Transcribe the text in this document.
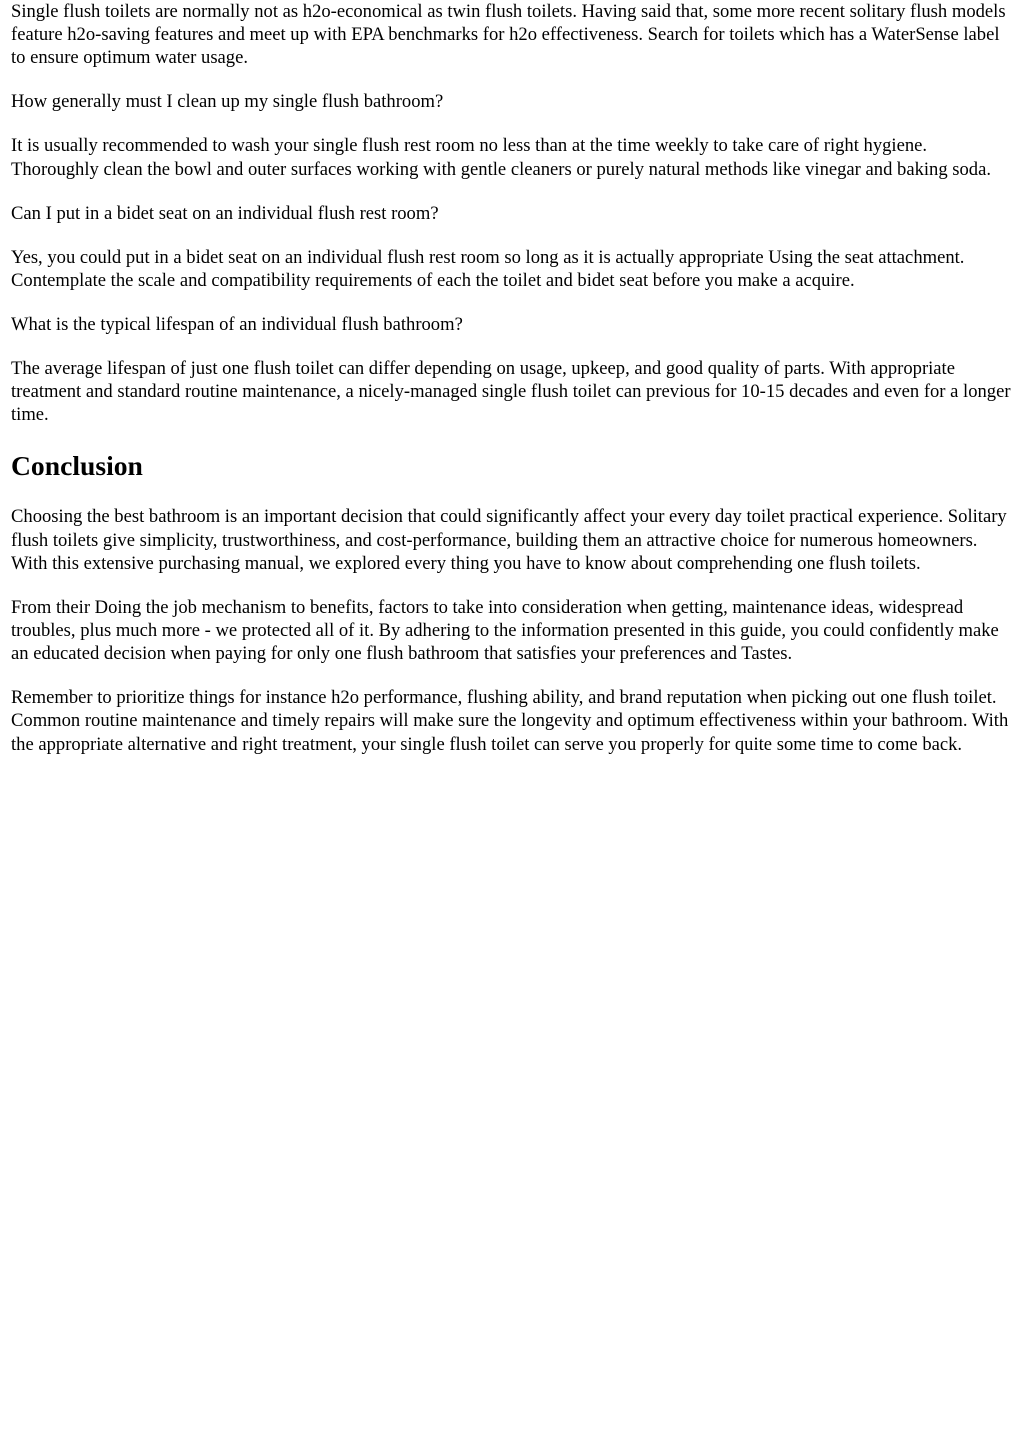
Single flush toilets are normally not as h2o-economical as twin flush toilets. Having said that, some more recent solitary flush models feature h2o-saving features and meet up with EPA benchmarks for h2o effectiveness. Search for toilets which has a WaterSense label to ensure optimum water usage.

How generally must I clean up my single flush bathroom?

It is usually recommended to wash your single flush rest room no less than at the time weekly to take care of right hygiene. Thoroughly clean the bowl and outer surfaces working with gentle cleaners or purely natural methods like vinegar and baking soda.

Can I put in a bidet seat on an individual flush rest room?

Yes, you could put in a bidet seat on an individual flush rest room so long as it is actually appropriate Using the seat attachment. Contemplate the scale and compatibility requirements of each the toilet and bidet seat before you make a acquire.

What is the typical lifespan of an individual flush bathroom?

The average lifespan of just one flush toilet can differ depending on usage, upkeep, and good quality of parts. With appropriate treatment and standard routine maintenance, a nicely-managed single flush toilet can previous for 10-15 decades and even for a longer time.

Conclusion

Choosing the best bathroom is an important decision that could significantly affect your every day toilet practical experience. Solitary flush toilets give simplicity, trustworthiness, and cost-performance, building them an attractive choice for numerous homeowners. With this extensive purchasing manual, we explored every thing you have to know about comprehending one flush toilets.

From their Doing the job mechanism to benefits, factors to take into consideration when getting, maintenance ideas, widespread troubles, plus much more - we protected all of it. By adhering to the information presented in this guide, you could confidently make an educated decision when paying for only one flush bathroom that satisfies your preferences and Tastes.

Remember to prioritize things for instance h2o performance, flushing ability, and brand reputation when picking out one flush toilet. Common routine maintenance and timely repairs will make sure the longevity and optimum effectiveness within your bathroom. With the appropriate alternative and right treatment, your single flush toilet can serve you properly for quite some time to come back.
